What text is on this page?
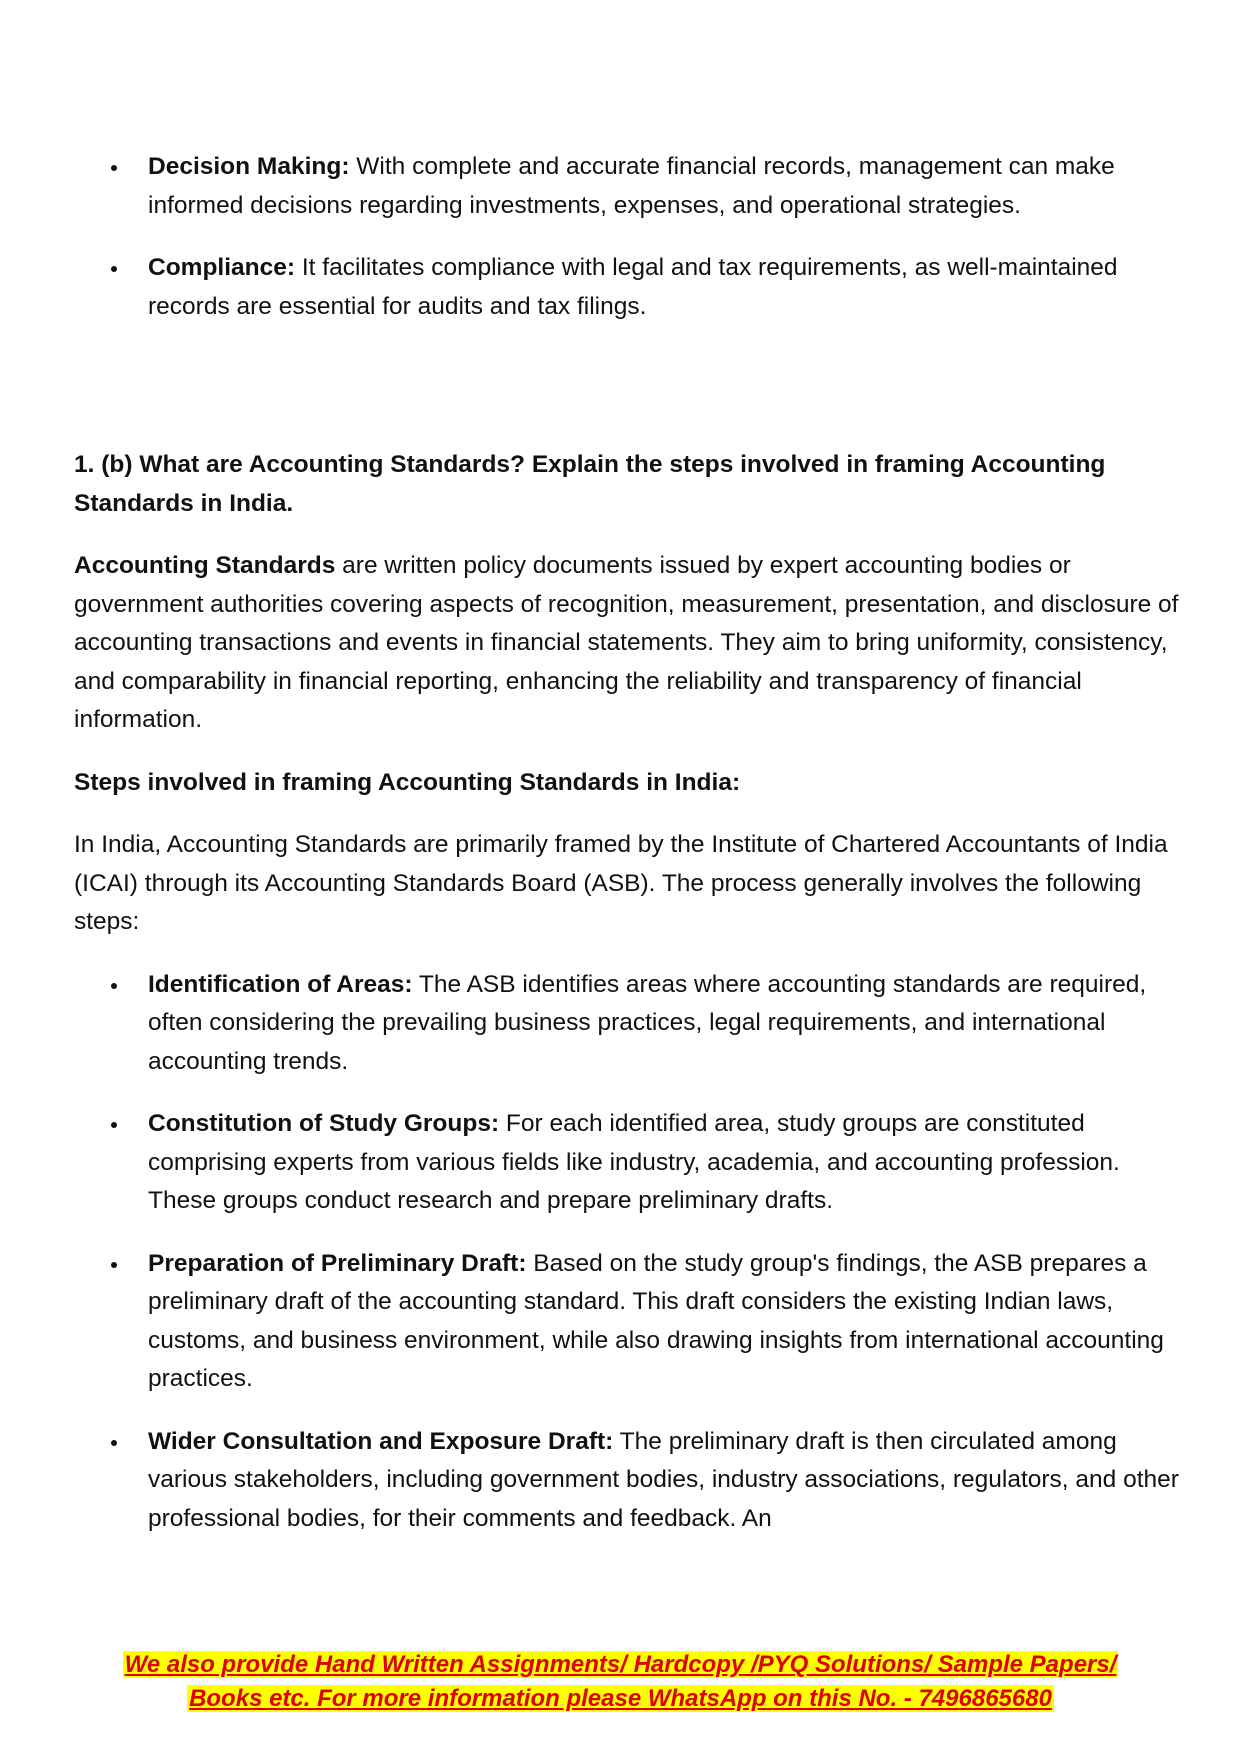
Decision Making: With complete and accurate financial records, management can make informed decisions regarding investments, expenses, and operational strategies.
Compliance: It facilitates compliance with legal and tax requirements, as well-maintained records are essential for audits and tax filings.

1. (b) What are Accounting Standards? Explain the steps involved in framing Accounting Standards in India.

Accounting Standards are written policy documents issued by expert accounting bodies or government authorities covering aspects of recognition, measurement, presentation, and disclosure of accounting transactions and events in financial statements. They aim to bring uniformity, consistency, and comparability in financial reporting, enhancing the reliability and transparency of financial information.

Steps involved in framing Accounting Standards in India:

In India, Accounting Standards are primarily framed by the Institute of Chartered Accountants of India (ICAI) through its Accounting Standards Board (ASB). The process generally involves the following steps:

Identification of Areas: The ASB identifies areas where accounting standards are required, often considering the prevailing business practices, legal requirements, and international accounting trends.
Constitution of Study Groups: For each identified area, study groups are constituted comprising experts from various fields like industry, academia, and accounting profession. These groups conduct research and prepare preliminary drafts.
Preparation of Preliminary Draft: Based on the study group's findings, the ASB prepares a preliminary draft of the accounting standard. This draft considers the existing Indian laws, customs, and business environment, while also drawing insights from international accounting practices.
Wider Consultation and Exposure Draft: The preliminary draft is then circulated among various stakeholders, including government bodies, industry associations, regulators, and other professional bodies, for their comments and feedback. An
We also provide Hand Written Assignments/ Hardcopy /PYQ Solutions/ Sample Papers/
Books etc. For more information please WhatsApp on this No. - 7496865680
